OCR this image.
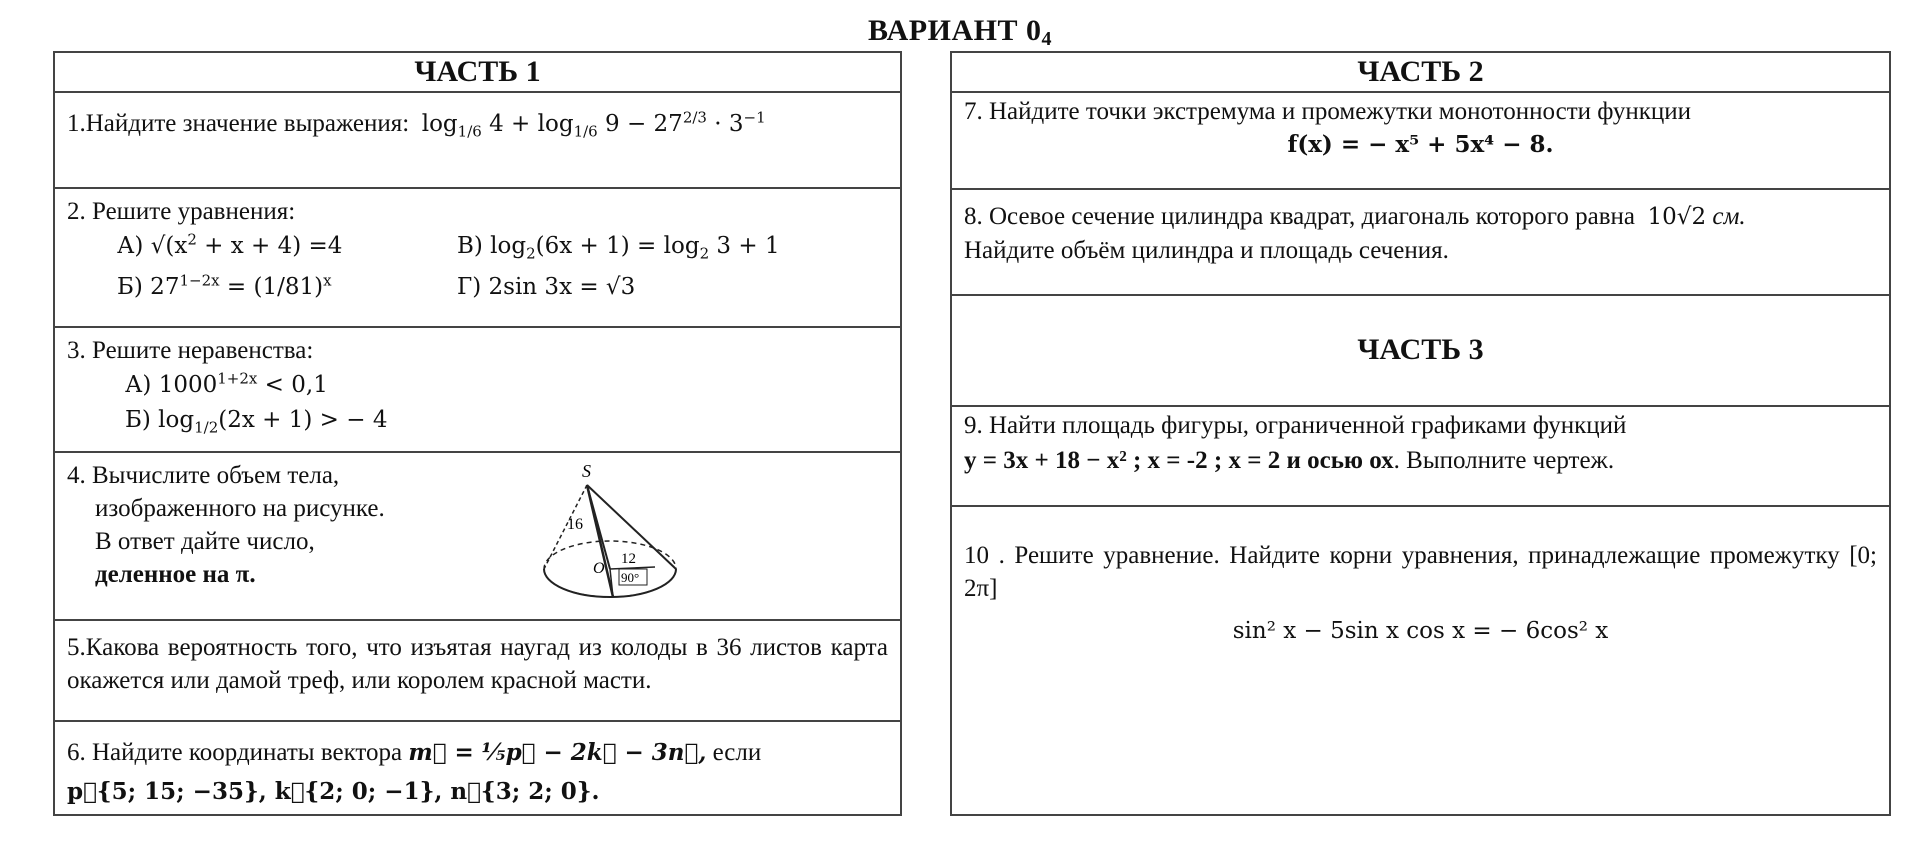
ВАРИАНТ 04
ЧАСТЬ 1
1.Найдите значение выражения: $\log_{1/6} 4 + \log_{1/6} 9 - 27^{2/3} \cdot 3^{-1}$
2. Решите уравнения:
А) $√(x^2 + x + 4) =4$	В) $\log_2(6x + 1) = \log_2 3 + 1$
Б) $27^{1-2x} = (1/81)^x$	Г) 2sin 3x = √3
3. Решите неравенства:
А) $1000^{1+2x} < 0,1$
Б) $\log_{1/2}(2x + 1)$ > − 4
4. Вычислите объем тела,
изображенного на рисунке.
В ответ дайте число,
деленное на π.
S
16
O
12
90°
5.Какова вероятность того, что изъятая наугад из колоды в 36 листов карта окажется или дамой треф, или королем красной масти.
6. Найдите координаты вектора m⃗ = ⅕p⃗ − 2k⃗ − 3n⃗, если
p⃗{5; 15; −35}, k⃗{2; 0; −1}, n⃗{3; 2; 0}.
ЧАСТЬ 2
7. Найдите точки экстремума и промежутки монотонности функции
f(x) = − x⁵ + 5x⁴ − 8.
8. Осевое сечение цилиндра квадрат, диагональ которого равна 10√2 см.
Найдите объём цилиндра и площадь сечения.
ЧАСТЬ 3
9. Найти площадь фигуры, ограниченной графиками функций
y = 3x + 18 − x² ; x = -2 ; x = 2 и осью ох. Выполните чертеж.
10 . Решите уравнение. Найдите корни уравнения, принадлежащие промежутку [0; 2π]
sin² x − 5sin x cos x = − 6cos² x
